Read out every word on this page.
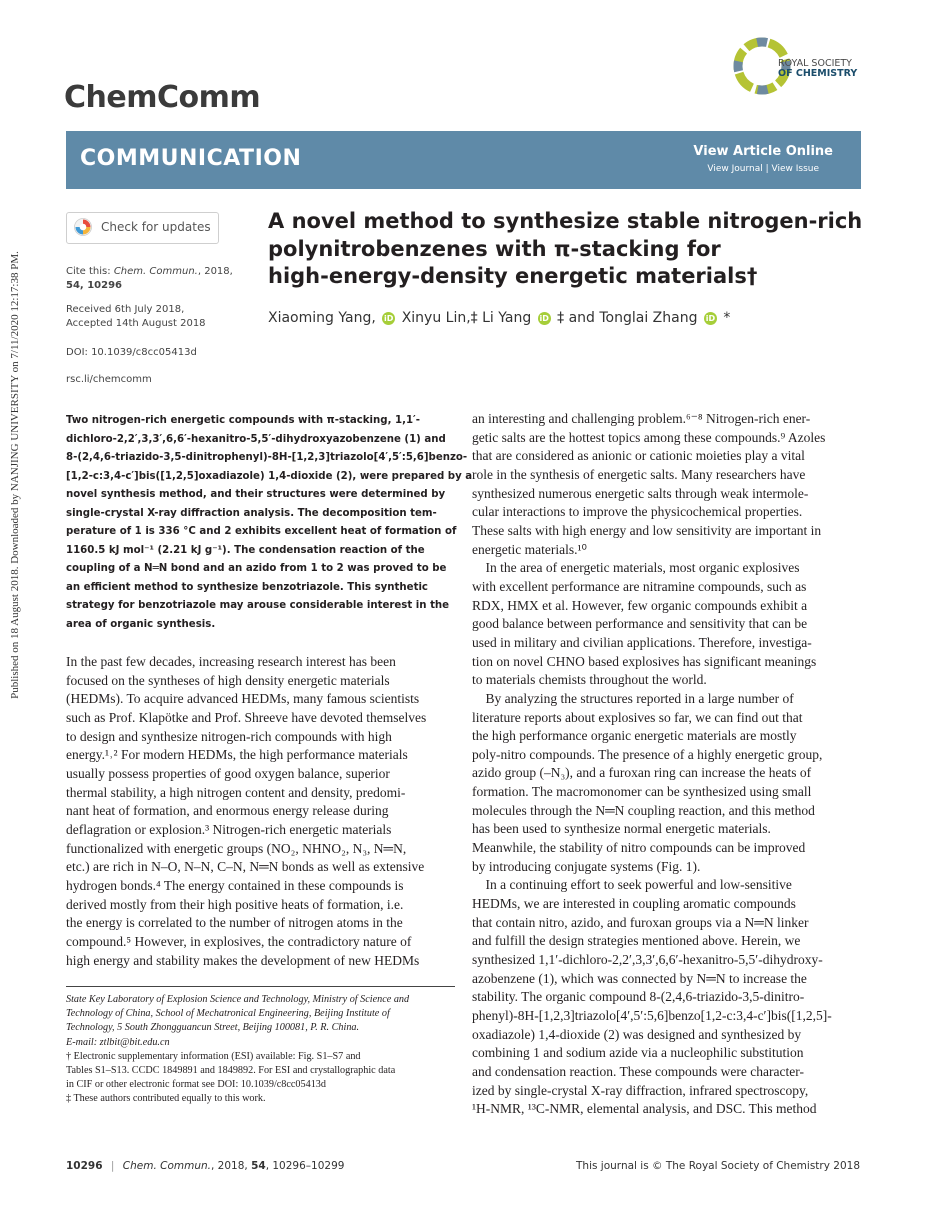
Published on 18 August 2018. Downloaded by NANJING UNIVERSITY on 7/11/2020 12:17:38 PM.
ChemComm
ROYAL SOCIETY
OF CHEMISTRY
COMMUNICATION	View Article Online
View Journal | View Issue
Check for updates
Cite this: Chem. Commun., 2018,
54, 10296
Received 6th July 2018,
Accepted 14th August 2018
DOI: 10.1039/c8cc05413d
rsc.li/chemcomm
A novel method to synthesize stable nitrogen-rich
polynitrobenzenes with π-stacking for
high-energy-density energetic materials†
Xiaoming Yang, iD Xinyu Lin,‡ Li Yang iD ‡ and Tonglai Zhang iD *

Two nitrogen-rich energetic compounds with π-stacking, 1,1′-

dichloro-2,2′,3,3′,6,6′-hexanitro-5,5′-dihydroxyazobenzene (1) and

8-(2,4,6-triazido-3,5-dinitrophenyl)-8H-[1,2,3]triazolo[4′,5′:5,6]benzo-

[1,2-c:3,4-c′]bis([1,2,5]oxadiazole) 1,4-dioxide (2), were prepared by a

novel synthesis method, and their structures were determined by

single-crystal X-ray diffraction analysis. The decomposition tem-

perature of 1 is 336 °C and 2 exhibits excellent heat of formation of

1160.5 kJ mol⁻¹ (2.21 kJ g⁻¹). The condensation reaction of the

coupling of a N═N bond and an azido from 1 to 2 was proved to be

an efficient method to synthesize benzotriazole. This synthetic

strategy for benzotriazole may arouse considerable interest in the

area of organic synthesis.

In the past few decades, increasing research interest has been

focused on the syntheses of high density energetic materials

(HEDMs). To acquire advanced HEDMs, many famous scientists

such as Prof. Klapötke and Prof. Shreeve have devoted themselves

to design and synthesize nitrogen-rich compounds with high

energy.¹˒² For modern HEDMs, the high performance materials

usually possess properties of good oxygen balance, superior

thermal stability, a high nitrogen content and density, predomi-

nant heat of formation, and enormous energy release during

deflagration or explosion.³ Nitrogen-rich energetic materials

functionalized with energetic groups (NO₂, NHNO₂, N₃, N═N,

etc.) are rich in N–O, N–N, C–N, N═N bonds as well as extensive

hydrogen bonds.⁴ The energy contained in these compounds is

derived mostly from their high positive heats of formation, i.e.

the energy is correlated to the number of nitrogen atoms in the

compound.⁵ However, in explosives, the contradictory nature of

high energy and stability makes the development of new HEDMs

State Key Laboratory of Explosion Science and Technology, Ministry of Science and

Technology of China, School of Mechatronical Engineering, Beijing Institute of

Technology, 5 South Zhongguancun Street, Beijing 100081, P. R. China.

E-mail: ztlbit@bit.edu.cn

† Electronic supplementary information (ESI) available: Fig. S1–S7 and

Tables S1–S13. CCDC 1849891 and 1849892. For ESI and crystallographic data

in CIF or other electronic format see DOI: 10.1039/c8cc05413d

‡ These authors contributed equally to this work.

an interesting and challenging problem.⁶⁻⁸ Nitrogen-rich ener-

getic salts are the hottest topics among these compounds.⁹ Azoles

that are considered as anionic or cationic moieties play a vital

role in the synthesis of energetic salts. Many researchers have

synthesized numerous energetic salts through weak intermole-

cular interactions to improve the physicochemical properties.

These salts with high energy and low sensitivity are important in

energetic materials.¹⁰

In the area of energetic materials, most organic explosives

with excellent performance are nitramine compounds, such as

RDX, HMX et al. However, few organic compounds exhibit a

good balance between performance and sensitivity that can be

used in military and civilian applications. Therefore, investiga-

tion on novel CHNO based explosives has significant meanings

to materials chemists throughout the world.

By analyzing the structures reported in a large number of

literature reports about explosives so far, we can find out that

the high performance organic energetic materials are mostly

poly-nitro compounds. The presence of a highly energetic group,

azido group (–N₃), and a furoxan ring can increase the heats of

formation. The macromonomer can be synthesized using small

molecules through the N═N coupling reaction, and this method

has been used to synthesize normal energetic materials.

Meanwhile, the stability of nitro compounds can be improved

by introducing conjugate systems (Fig. 1).

In a continuing effort to seek powerful and low-sensitive

HEDMs, we are interested in coupling aromatic compounds

that contain nitro, azido, and furoxan groups via a N═N linker

and fulfill the design strategies mentioned above. Herein, we

synthesized 1,1′-dichloro-2,2′,3,3′,6,6′-hexanitro-5,5′-dihydroxy-

azobenzene (1), which was connected by N═N to increase the

stability. The organic compound 8-(2,4,6-triazido-3,5-dinitro-

phenyl)-8H-[1,2,3]triazolo[4′,5′:5,6]benzo[1,2-c:3,4-c′]bis([1,2,5]-

oxadiazole) 1,4-dioxide (2) was designed and synthesized by

combining 1 and sodium azide via a nucleophilic substitution

and condensation reaction. These compounds were character-

ized by single-crystal X-ray diffraction, infrared spectroscopy,

¹H-NMR, ¹³C-NMR, elemental analysis, and DSC. This method

10296 | Chem. Commun., 2018, 54, 10296–10299	This journal is © The Royal Society of Chemistry 2018
